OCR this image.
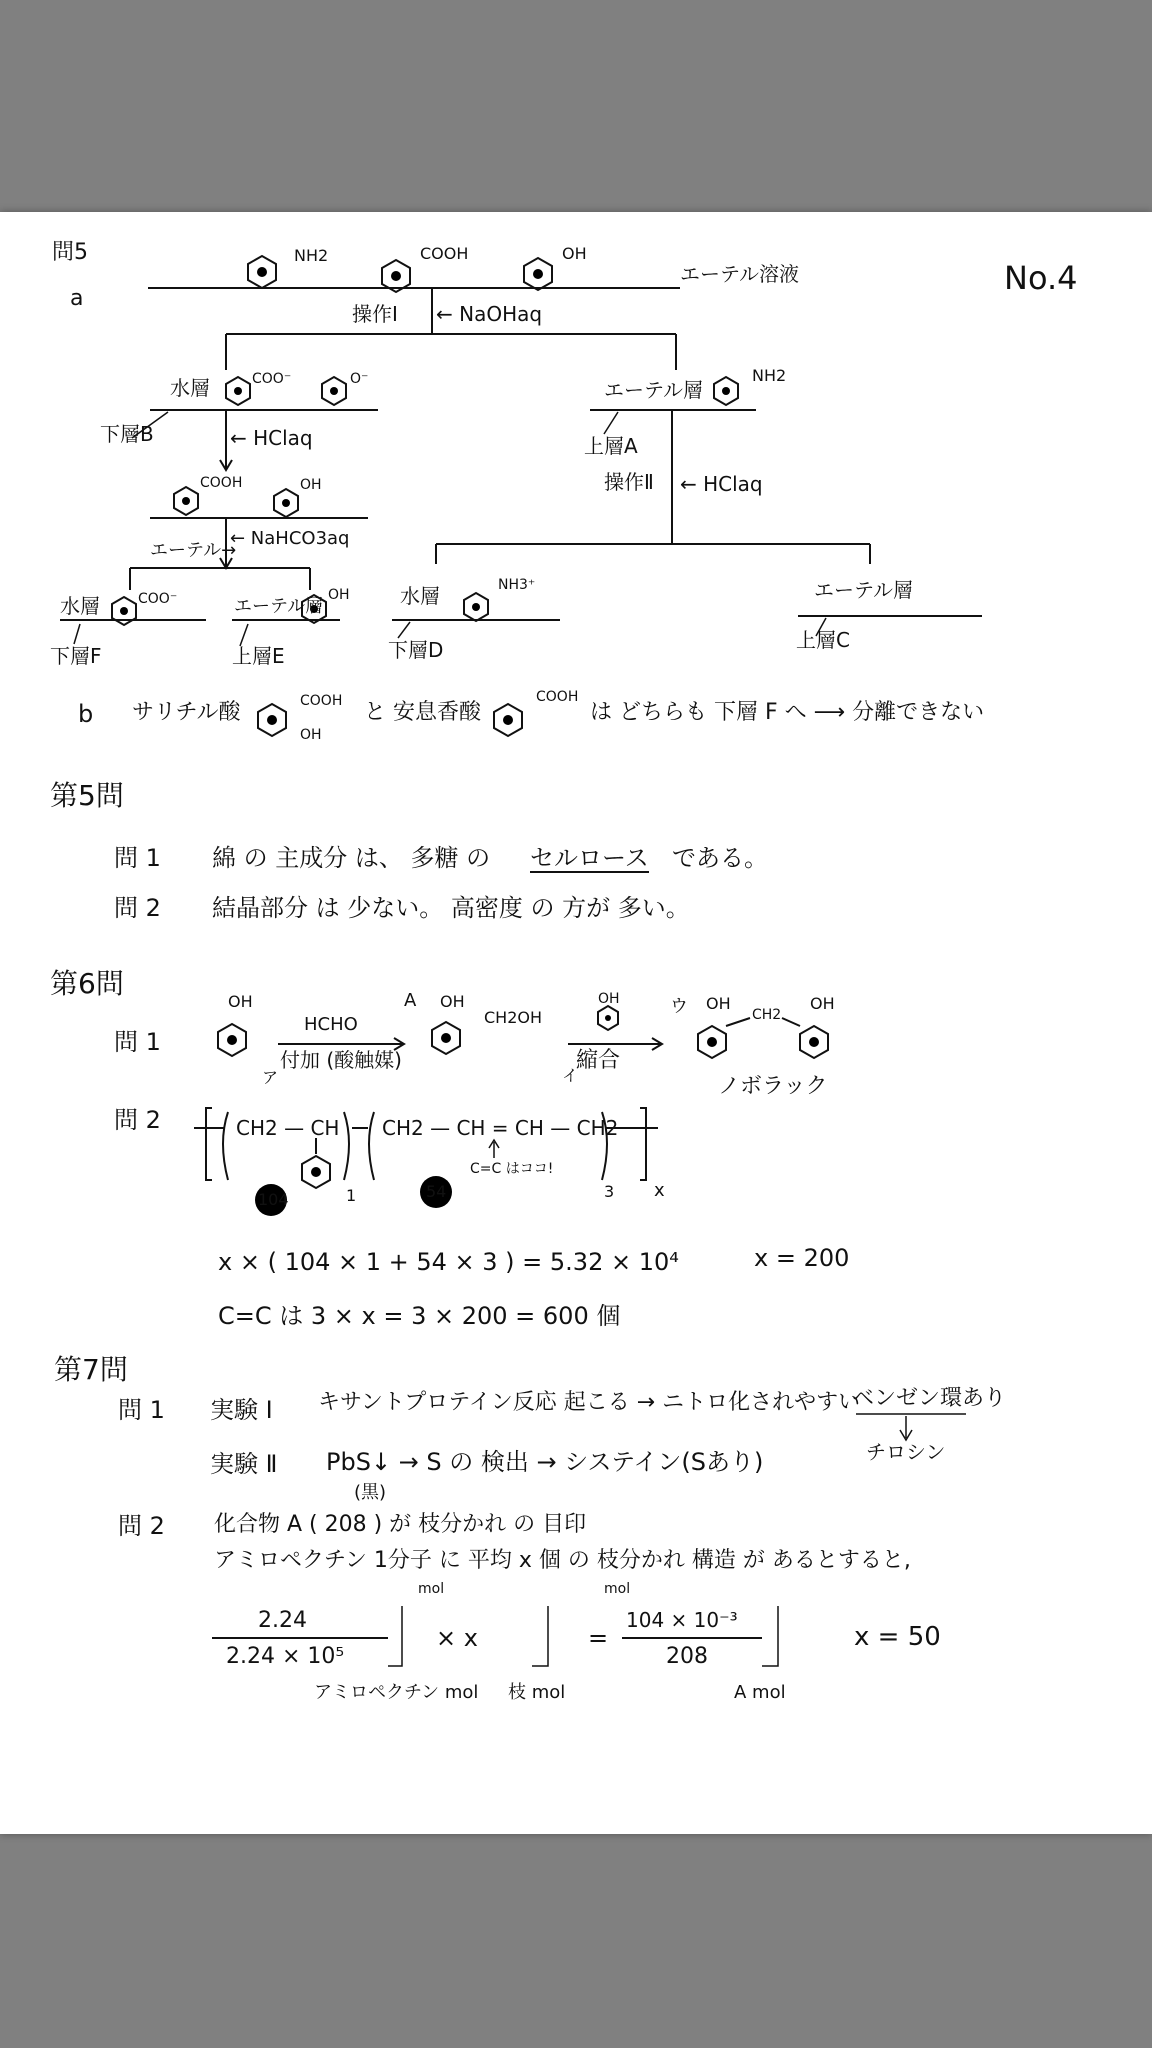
No.4
問5
a
NH2	COOH	OH
エーテル溶液
操作Ⅰ ← NaOHaq
水層	COO⁻	O⁻
下層B	← HClaq
COOH	OH
エーテル→
← NaHCO3aq
水層	COO⁻	エーテル層
OH
下層F	上層E
エーテル層
NH2
上層A
操作Ⅱ ← HClaq
水層	NH3⁺
下層D
エーテル層
上層C
b サリチル酸	COOH
OH
と 安息香酸
COOH
は どちらも 下層 F へ ⟶ 分離できない
第5問
問 1 綿 の 主成分 は、 多糖 の セルロース である。
問 2 結晶部分 は 少ない。 高密度 の 方が 多い。
第6問
問 1
OH
HCHO
A
付加 (酸触媒)
ア
OH
CH2OH
OH
縮合
イ
ウ OH
CH2
OH
ノボラック
問 2	CH2 — CH CH2 — CH = CH — CH2
C=C はココ!
104	54
1	3 x
x × ( 104 × 1 + 54 × 3 ) = 5.32 × 10⁴	x = 200
C=C は 3 × x = 3 × 200 = 600 個
第7問
問 1 実験 Ⅰ キサントプロテイン反応 起こる → ニトロ化されやすい
ベンゼン環あり
チロシン
実験 Ⅱ PbS↓ → S の 検出 → システイン(Sあり)
(黒)
問 2 化合物 A ( 208 ) が 枝分かれ の 目印
アミロペクチン 1分子 に 平均 x 個 の 枝分かれ 構造 が あるとすると,
mol	mol
2.24
2.24 × 10⁵
× x	=
104 × 10⁻³
208
x = 50
アミロペクチン mol 枝 mol	A mol
